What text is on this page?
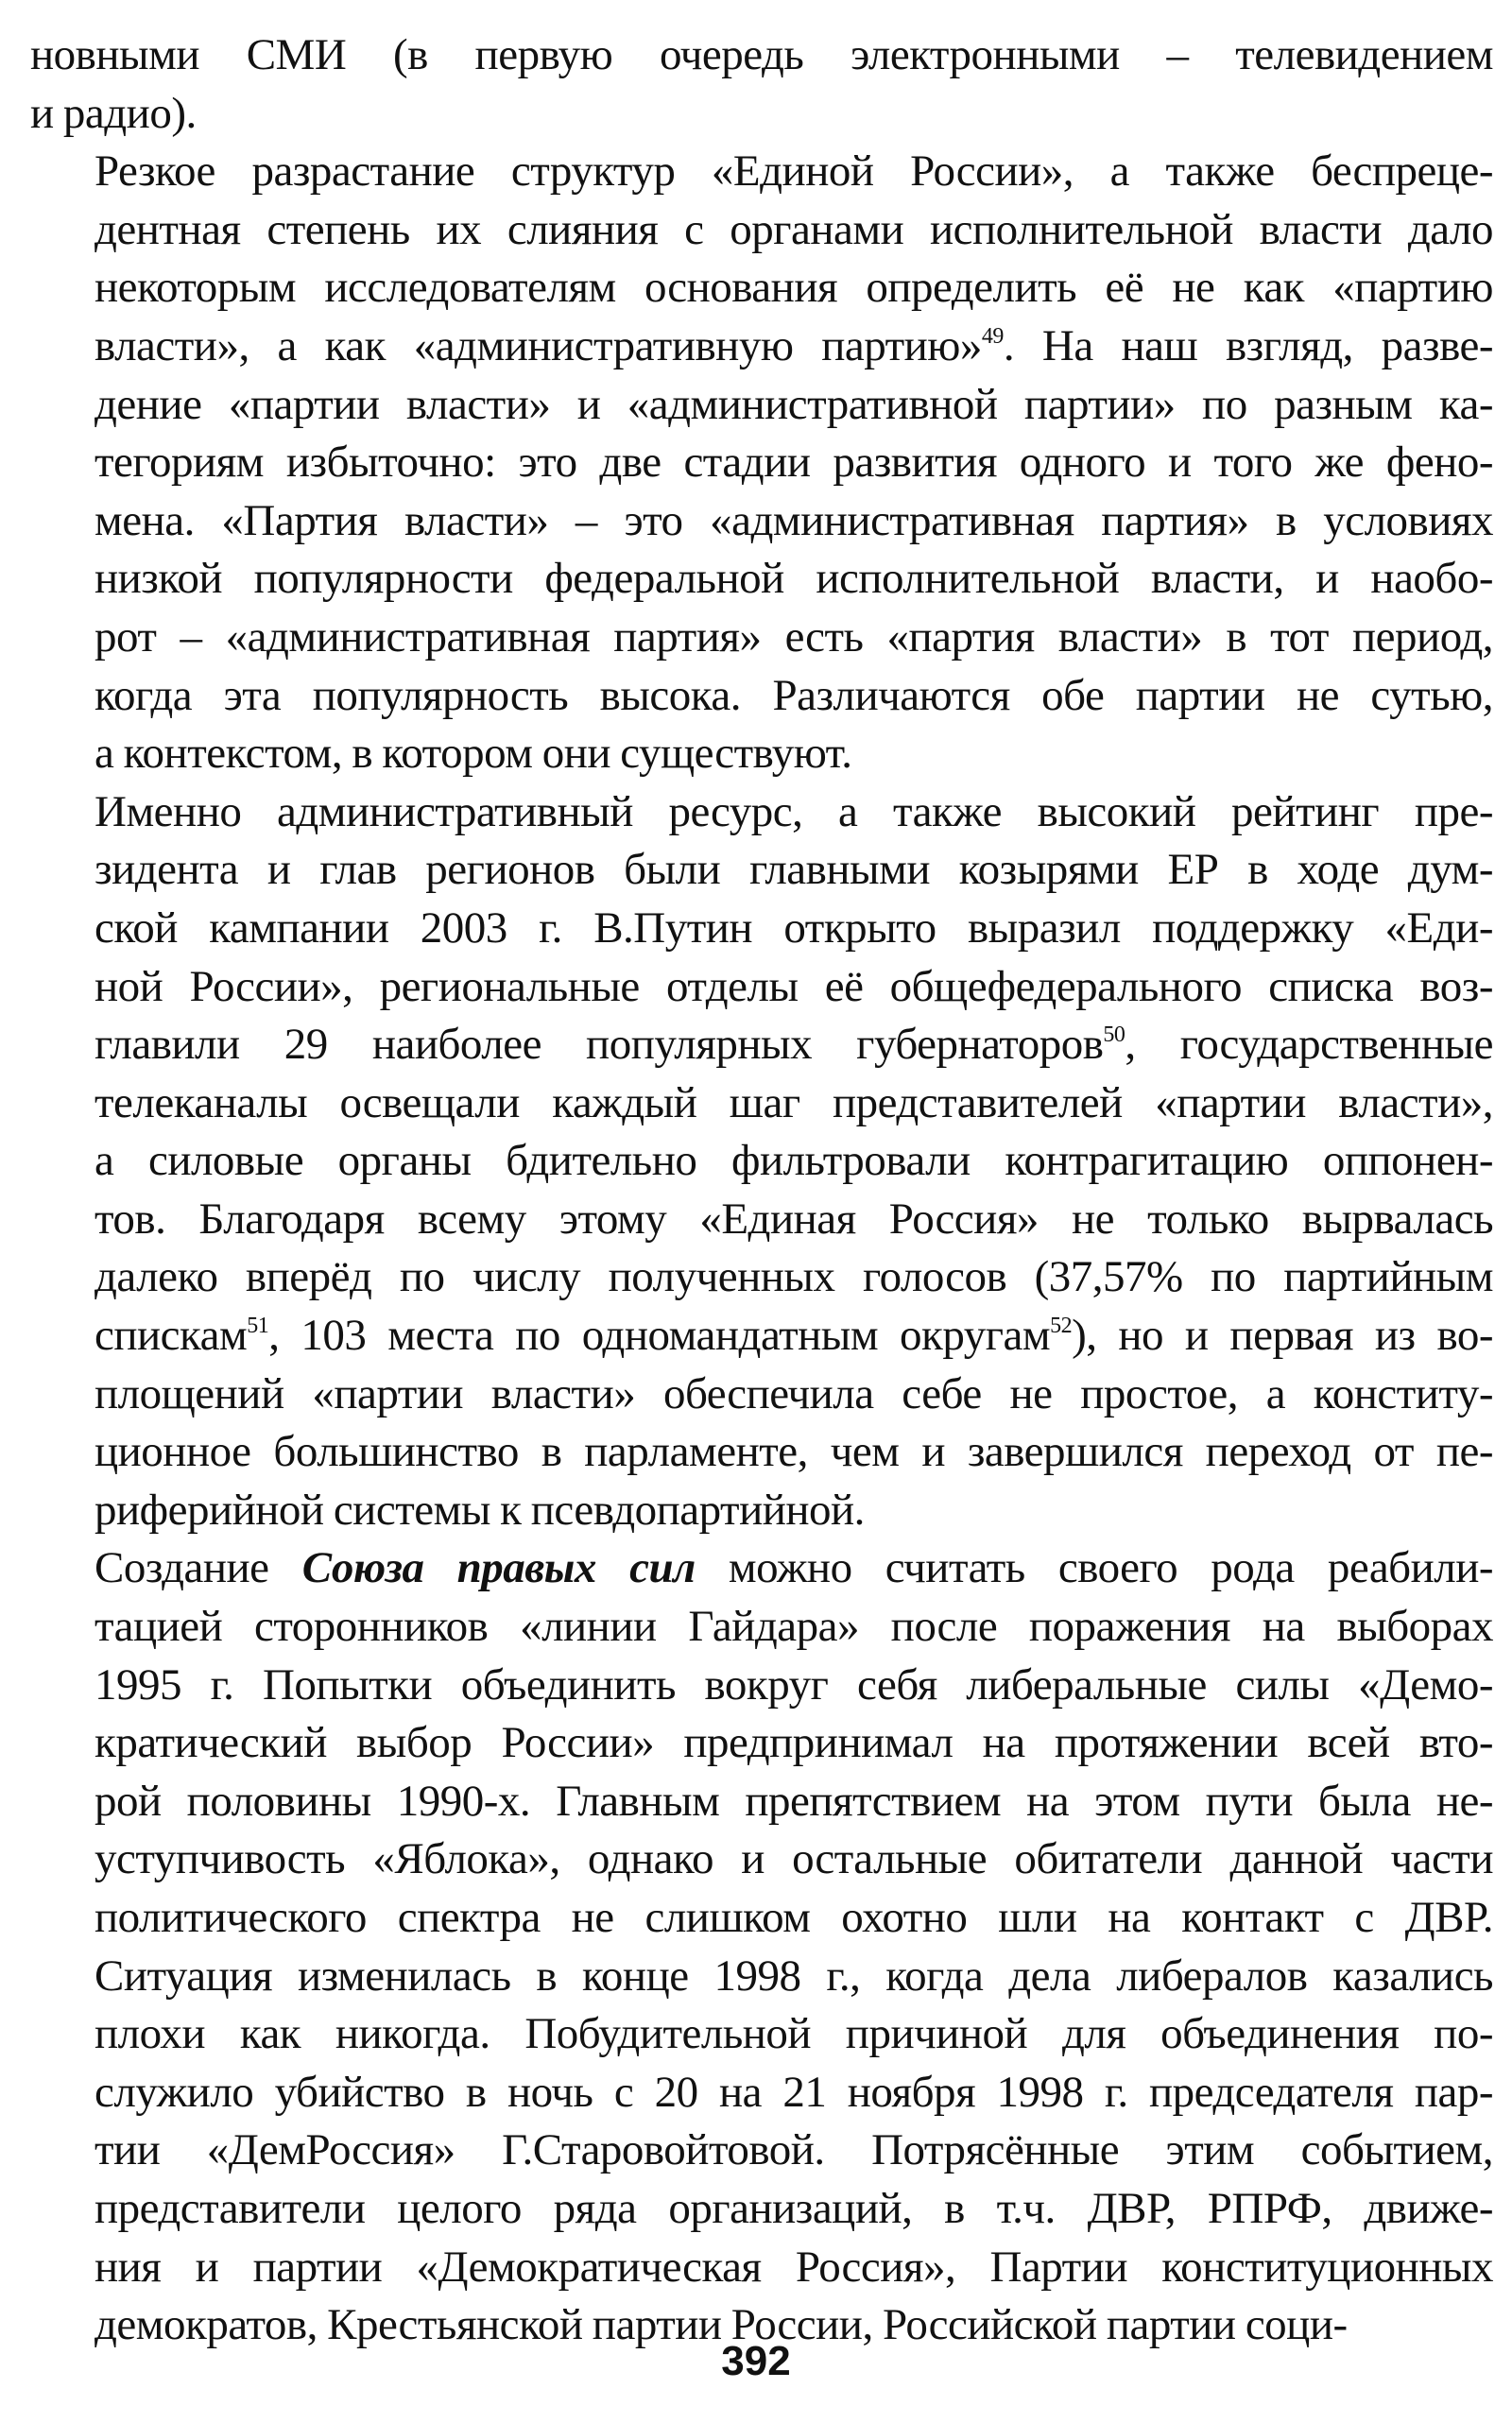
новными СМИ (в первую очередь электронными – телевидением
и радио).
Резкое разрастание структур «Единой России», а также беспреце-
дентная степень их слияния с органами исполнительной власти дало
некоторым исследователям основания определить её не как «партию
власти», а как «административную партию»$^{49}$. На наш взгляд, разве-
дение «партии власти» и «административной партии» по разным ка-
тегориям избыточно: это две стадии развития одного и того же фено-
мена. «Партия власти» – это «административная партия» в условиях
низкой популярности федеральной исполнительной власти, и наобо-
рот – «административная партия» есть «партия власти» в тот период,
когда эта популярность высока. Различаются обе партии не сутью,
а контекстом, в котором они существуют.
Именно административный ресурс, а также высокий рейтинг пре-
зидента и глав регионов были главными козырями ЕР в ходе дум-
ской кампании 2003 г. В.Путин открыто выразил поддержку «Еди-
ной России», региональные отделы её общефедерального списка воз-
главили 29 наиболее популярных губернаторов$^{50}$, государственные
телеканалы освещали каждый шаг представителей «партии власти»,
а силовые органы бдительно фильтровали контрагитацию оппонен-
тов. Благодаря всему этому «Единая Россия» не только вырвалась
далеко вперёд по числу полученных голосов (37,57% по партийным
спискам$^{51}$, 103 места по одномандатным округам$^{52}$), но и первая из во-
площений «партии власти» обеспечила себе не простое, а конститу-
ционное большинство в парламенте, чем и завершился переход от пе-
риферийной системы к псевдопартийной.
Создание Союза правых сил можно считать своего рода реабили-
тацией сторонников «линии Гайдара» после поражения на выборах
1995 г. Попытки объединить вокруг себя либеральные силы «Демо-
кратический выбор России» предпринимал на протяжении всей вто-
рой половины 1990-х. Главным препятствием на этом пути была не-
уступчивость «Яблока», однако и остальные обитатели данной части
политического спектра не слишком охотно шли на контакт с ДВР.
Ситуация изменилась в конце 1998 г., когда дела либералов казались
плохи как никогда. Побудительной причиной для объединения по-
служило убийство в ночь с 20 на 21 ноября 1998 г. председателя пар-
тии «ДемРоссия» Г.Старовойтовой. Потрясённые этим событием,
представители целого ряда организаций, в т.ч. ДВР, РПРФ, движе-
ния и партии «Демократическая Россия», Партии конституционных
демократов, Крестьянской партии России, Российской партии соци-
392
